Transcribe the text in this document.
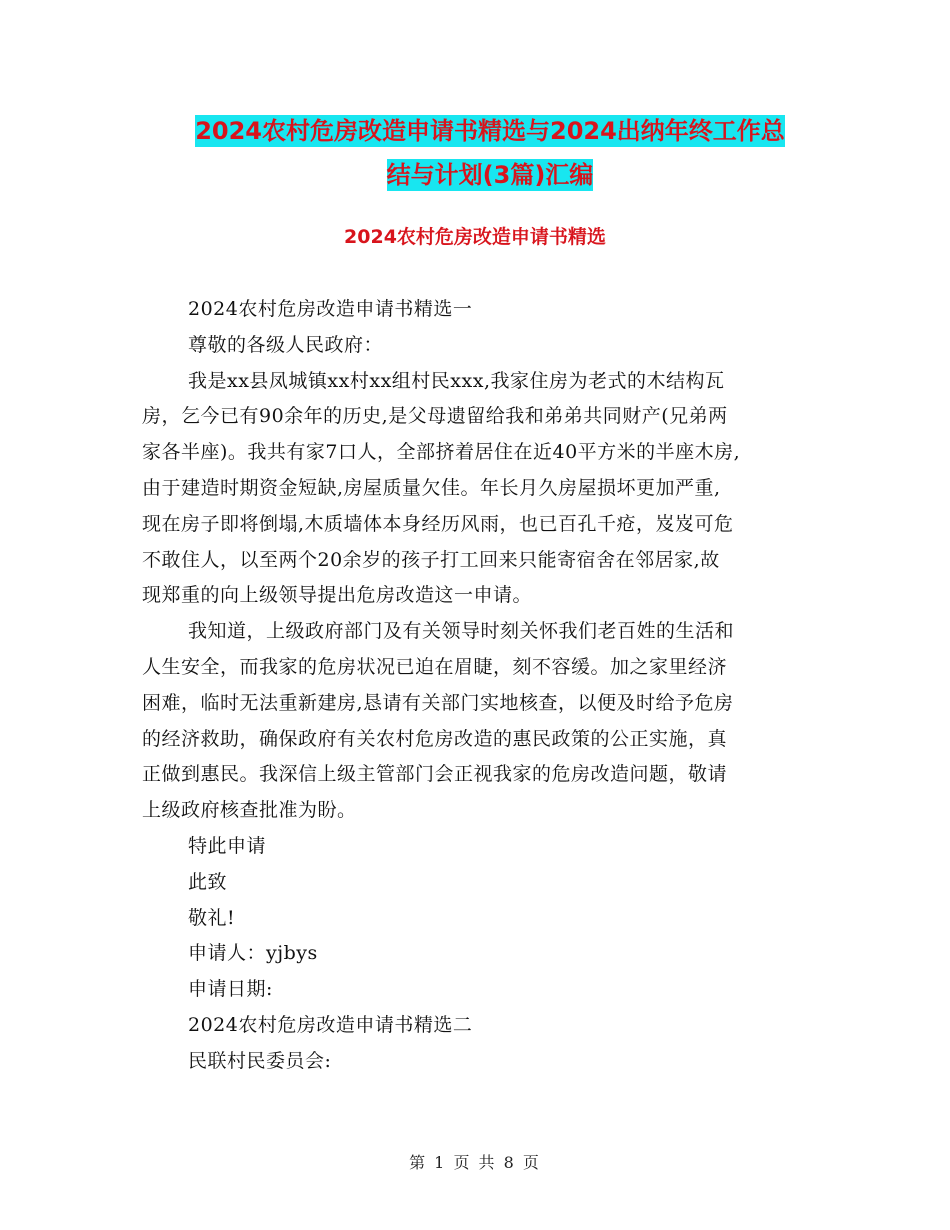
2024农村危房改造申请书精选与2024出纳年终工作总
结与计划(3篇)汇编
2024农村危房改造申请书精选

2024农村危房改造申请书精选一

尊敬的各级人民政府：

我是xx县凤城镇xx村xx组村民xxx,我家住房为老式的木结构瓦

房，乞今已有90余年的历史,是父母遗留给我和弟弟共同财产(兄弟两

家各半座)。我共有家7口人，全部挤着居住在近40平方米的半座木房,

由于建造时期资金短缺,房屋质量欠佳。年长月久房屋损坏更加严重,

现在房子即将倒塌,木质墙体本身经历风雨，也已百孔千疮，岌岌可危

不敢住人，以至两个20余岁的孩子打工回来只能寄宿舍在邻居家,故

现郑重的向上级领导提出危房改造这一申请。

我知道，上级政府部门及有关领导时刻关怀我们老百姓的生活和

人生安全，而我家的危房状况已迫在眉睫，刻不容缓。加之家里经济

困难，临时无法重新建房,恳请有关部门实地核查，以便及时给予危房

的经济救助，确保政府有关农村危房改造的惠民政策的公正实施，真

正做到惠民。我深信上级主管部门会正视我家的危房改造问题，敬请

上级政府核查批准为盼。

特此申请

此致

敬礼!

申请人：yjbys

申请日期:

2024农村危房改造申请书精选二

民联村民委员会:

第 1 页 共 8 页
